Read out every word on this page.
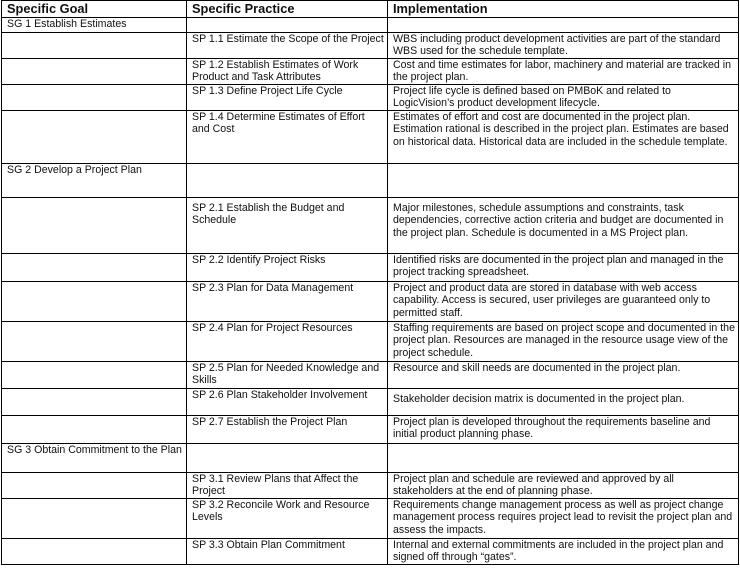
Specific Goal	Specific Practice	Implementation
SG 1 Establish Estimates		
	SP 1.1 Estimate the Scope of the Project	WBS including product development activities are part of the standard WBS used for the schedule template.
	SP 1.2 Establish Estimates of Work Product and Task Attributes	Cost and time estimates for labor, machinery and material are tracked in the project plan.
	SP 1.3 Define Project Life Cycle	Project life cycle is defined based on PMBoK and related to LogicVision’s product development lifecycle.
	SP 1.4 Determine Estimates of Effort and Cost	Estimates of effort and cost are documented in the project plan. Estimation rational is described in the project plan. Estimates are based on historical data. Historical data are included in the schedule template.
SG 2 Develop a Project Plan		
	SP 2.1 Establish the Budget and Schedule	Major milestones, schedule assumptions and constraints, task dependencies, corrective action criteria and budget are documented in the project plan. Schedule is documented in a MS Project plan.
	SP 2.2 Identify Project Risks	Identified risks are documented in the project plan and managed in the project tracking spreadsheet.
	SP 2.3 Plan for Data Management	Project and product data are stored in database with web access capability. Access is secured, user privileges are guaranteed only to permitted staff.
	SP 2.4 Plan for Project Resources	Staffing requirements are based on project scope and documented in the project plan. Resources are managed in the resource usage view of the project schedule.
	SP 2.5 Plan for Needed Knowledge and Skills	Resource and skill needs are documented in the project plan.
	SP 2.6 Plan Stakeholder Involvement	Stakeholder decision matrix is documented in the project plan.
	SP 2.7 Establish the Project Plan	Project plan is developed throughout the requirements baseline and initial product planning phase.
SG 3 Obtain Commitment to the Plan		
	SP 3.1 Review Plans that Affect the Project	Project plan and schedule are reviewed and approved by all stakeholders at the end of planning phase.
	SP 3.2 Reconcile Work and Resource Levels	Requirements change management process as well as project change management process requires project lead to revisit the project plan and assess the impacts.
	SP 3.3 Obtain Plan Commitment	Internal and external commitments are included in the project plan and signed off through “gates”.
